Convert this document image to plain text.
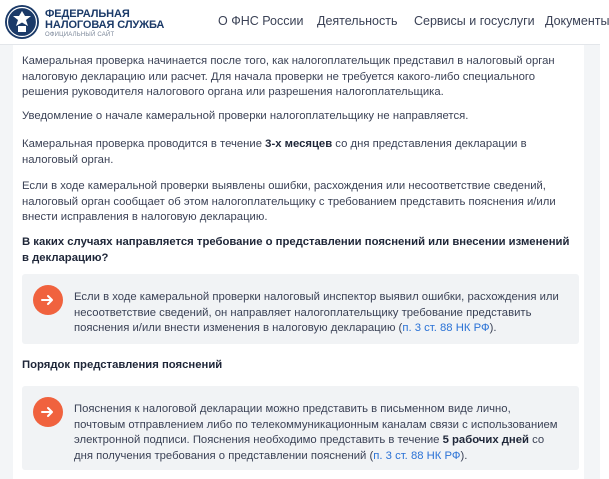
ФЕДЕРАЛЬНАЯ
НАЛОГОВАЯ СЛУЖБА
ОФИЦИАЛЬНЫЙ САЙТ
О ФНС России Деятельность Сервисы и госуслуги Документы

Камеральная проверка начинается после того, как налогоплательщик представил в налоговый орган налоговую декларацию или расчет. Для начала проверки не требуется какого-либо специального решения руководителя налогового органа или разрешения налогоплательщика.

Уведомление о начале камеральной проверки налогоплательщику не направляется.

Камеральная проверка проводится в течение 3-х месяцев со дня представления декларации в налоговый орган.

Если в ходе камеральной проверки выявлены ошибки, расхождения или несоответствие сведений, налоговый орган сообщает об этом налогоплательщику с требованием представить пояснения и/или внести исправления в налоговую декларацию.

В каких случаях направляется требование о представлении пояснений или внесении изменений в декларацию?

Если в ходе камеральной проверки налоговый инспектор выявил ошибки, расхождения или несоответствие сведений, он направляет налогоплательщику требование представить пояснения и/или внести изменения в налоговую декларацию (п. 3 ст. 88 НК РФ).

Порядок представления пояснений

Пояснения к налоговой декларации можно представить в письменном виде лично, почтовым отправлением либо по телекоммуникационным каналам связи с использованием электронной подписи. Пояснения необходимо представить в течение 5 рабочих дней со дня получения требования о представлении пояснений (п. 3 ст. 88 НК РФ).
